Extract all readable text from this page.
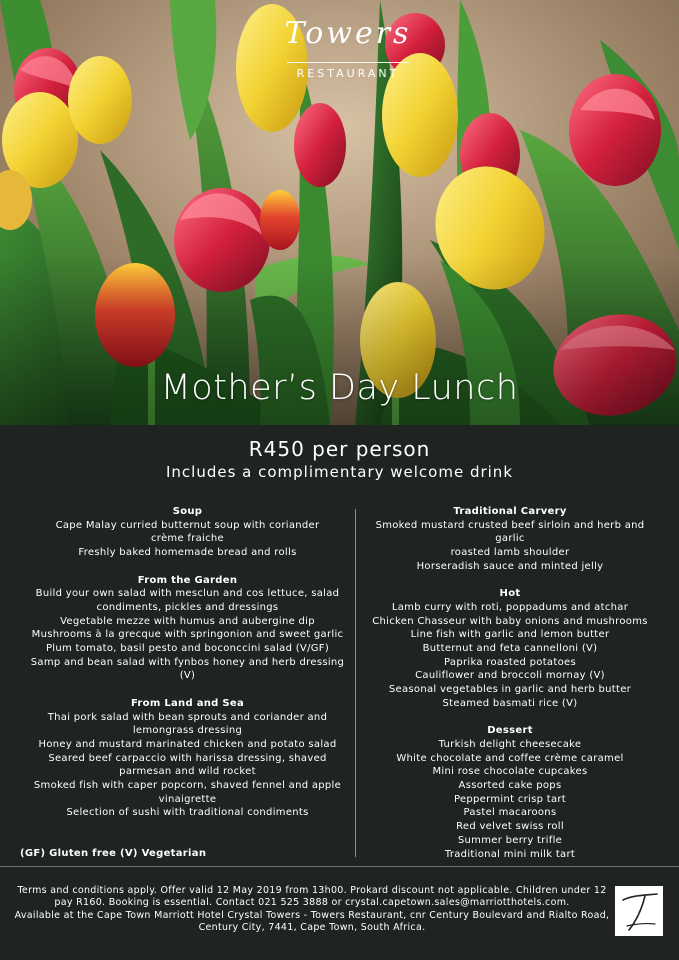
Towers
RESTAURANT
Mother’s Day Lunch
R450 per person
Includes a complimentary welcome drink
Soup
Cape Malay curried butternut soup with coriander
crème fraiche
Freshly baked homemade bread and rolls
From the Garden
Build your own salad with mesclun and cos lettuce, salad
condiments, pickles and dressings
Vegetable mezze with humus and aubergine dip
Mushrooms à la grecque with springonion and sweet garlic
Plum tomato, basil pesto and boconccini salad (V/GF)
Samp and bean salad with fynbos honey and herb dressing
(V)
From Land and Sea
Thai pork salad with bean sprouts and coriander and
lemongrass dressing
Honey and mustard marinated chicken and potato salad
Seared beef carpaccio with harissa dressing, shaved
parmesan and wild rocket
Smoked fish with caper popcorn, shaved fennel and apple
vinaigrette
Selection of sushi with traditional condiments
Traditional Carvery
Smoked mustard crusted beef sirloin and herb and garlic
roasted lamb shoulder
Horseradish sauce and minted jelly
Hot
Lamb curry with roti, poppadums and atchar
Chicken Chasseur with baby onions and mushrooms
Line fish with garlic and lemon butter
Butternut and feta cannelloni (V)
Paprika roasted potatoes
Cauliflower and broccoli mornay (V)
Seasonal vegetables in garlic and herb butter
Steamed basmati rice (V)
Dessert
Turkish delight cheesecake
White chocolate and coffee crème caramel
Mini rose chocolate cupcakes
Assorted cake pops
Peppermint crisp tart
Pastel macaroons
Red velvet swiss roll
Summer berry trifle
Traditional mini milk tart
(GF) Gluten free (V) Vegetarian
Terms and conditions apply. Offer valid 12 May 2019 from 13h00. Prokard discount not applicable. Children under 12
pay R160. Booking is essential. Contact 021 525 3888 or crystal.capetown.sales@marriotthotels.com.
Available at the Cape Town Marriott Hotel Crystal Towers - Towers Restaurant, cnr Century Boulevard and Rialto Road,
Century City, 7441, Cape Town, South Africa.
